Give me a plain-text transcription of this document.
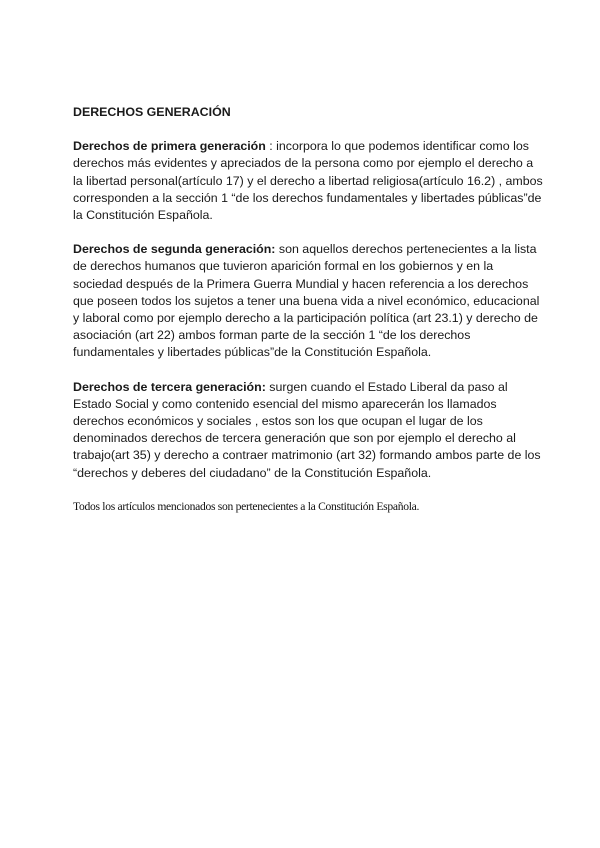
DERECHOS GENERACIÓN

Derechos de primera generación : incorpora lo que podemos identificar como los derechos más evidentes y apreciados de la persona como por ejemplo el derecho a la libertad personal(artículo 17) y el derecho a libertad religiosa(artículo 16.2) , ambos corresponden a la sección 1 “de los derechos fundamentales y libertades públicas”de la Constitución Española.

Derechos de segunda generación: son aquellos derechos pertenecientes a la lista de derechos humanos que tuvieron aparición formal en los gobiernos y en la sociedad después de la Primera Guerra Mundial y hacen referencia a los derechos que poseen todos los sujetos a tener una buena vida a nivel económico, educacional y laboral como por ejemplo derecho a la participación política (art 23.1) y derecho de asociación (art 22) ambos forman parte de la sección 1 “de los derechos fundamentales y libertades públicas”de la Constitución Española.

Derechos de tercera generación: surgen cuando el Estado Liberal da paso al Estado Social y como contenido esencial del mismo aparecerán los llamados derechos económicos y sociales , estos son los que ocupan el lugar de los denominados derechos de tercera generación que son por ejemplo el derecho al trabajo(art 35) y derecho a contraer matrimonio (art 32) formando ambos parte de los “derechos y deberes del ciudadano” de la Constitución Española.

Todos los artículos mencionados son pertenecientes a la Constitución Española.
